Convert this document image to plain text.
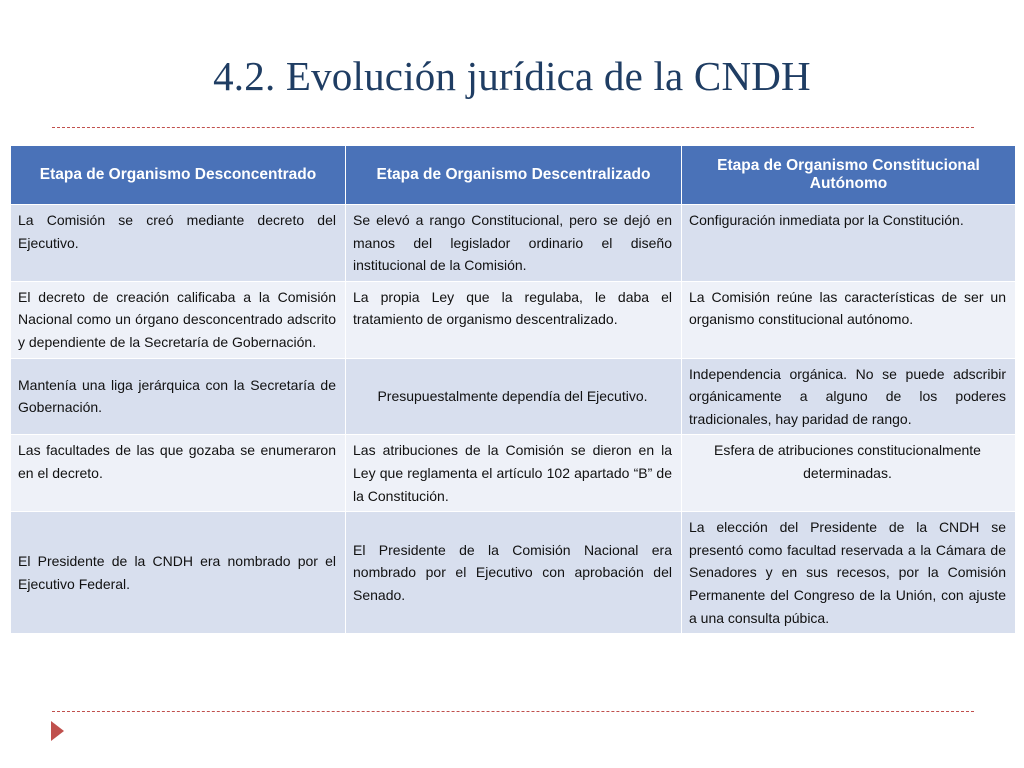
4.2. Evolución jurídica de la CNDH
Etapa de Organismo Desconcentrado	Etapa de Organismo Descentralizado	Etapa de Organismo Constitucional Autónomo
La Comisión se creó mediante decreto del Ejecutivo.	Se elevó a rango Constitucional, pero se dejó en manos del legislador ordinario el diseño institucional de la Comisión.	Configuración inmediata por la Constitución.
El decreto de creación calificaba a la Comisión Nacional como un órgano desconcentrado adscrito y dependiente de la Secretaría de Gobernación.	La propia Ley que la regulaba, le daba el tratamiento de organismo descentralizado.	La Comisión reúne las características de ser un organismo constitucional autónomo.
Mantenía una liga jerárquica con la Secretaría de Gobernación.	Presupuestalmente dependía del Ejecutivo.	Independencia orgánica. No se puede adscribir orgánicamente a alguno de los poderes tradicionales, hay paridad de rango.
Las facultades de las que gozaba se enumeraron en el decreto.	Las atribuciones de la Comisión se dieron en la Ley que reglamenta el artículo 102 apartado “B” de la Constitución.	Esfera de atribuciones constitucionalmente determinadas.
El Presidente de la CNDH era nombrado por el Ejecutivo Federal.	El Presidente de la Comisión Nacional era nombrado por el Ejecutivo con aprobación del Senado.	La elección del Presidente de la CNDH se presentó como facultad reservada a la Cámara de Senadores y en sus recesos, por la Comisión Permanente del Congreso de la Unión, con ajuste a una consulta púbica.
